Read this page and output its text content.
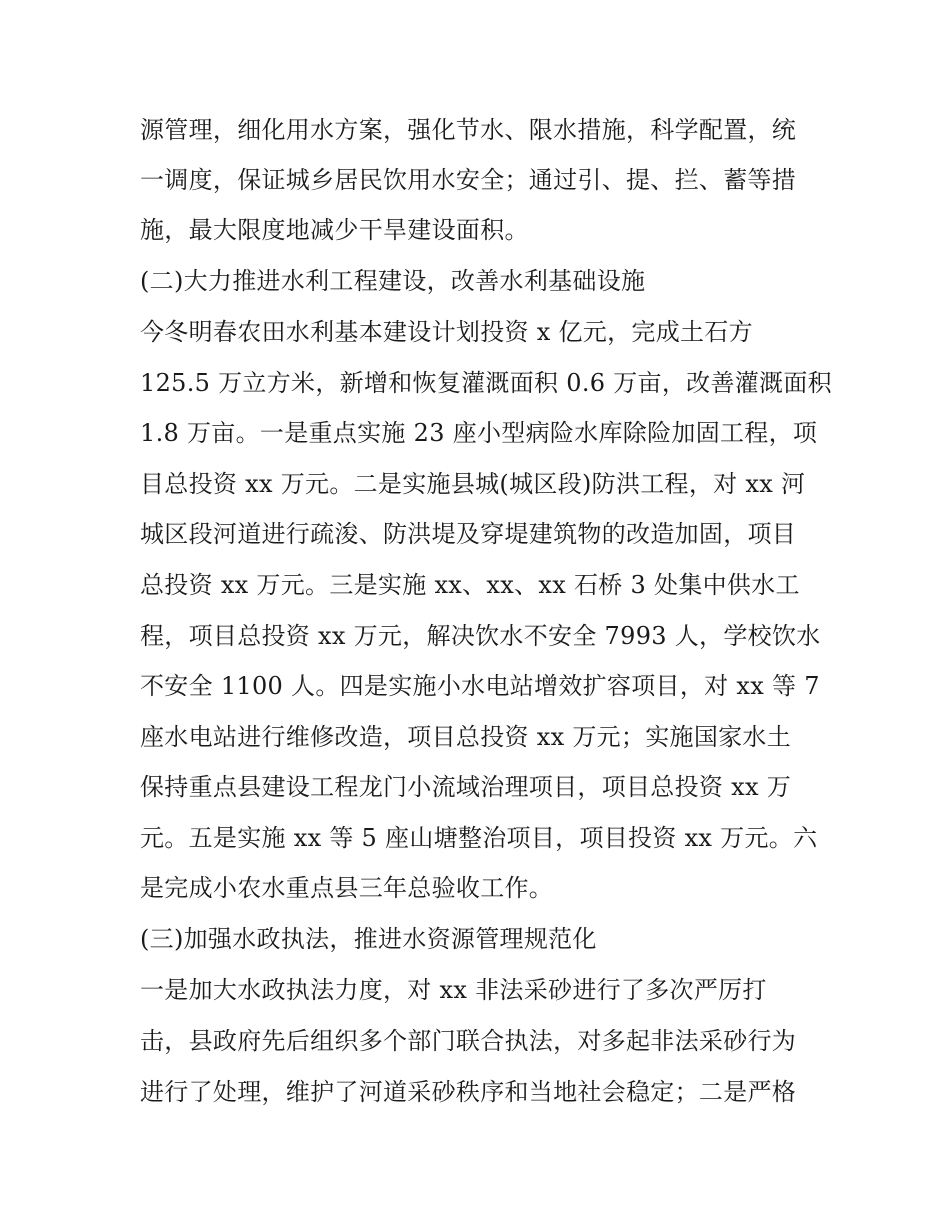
源管理，细化用水方案，强化节水、限水措施，科学配置，统
一调度，保证城乡居民饮用水安全；通过引、提、拦、蓄等措
施，最大限度地减少干旱建设面积。
(二)大力推进水利工程建设，改善水利基础设施
今冬明春农田水利基本建设计划投资 x 亿元，完成土石方
125.5 万立方米，新增和恢复灌溉面积 0.6 万亩，改善灌溉面积
1.8 万亩。一是重点实施 23 座小型病险水库除险加固工程，项
目总投资 xx 万元。二是实施县城(城区段)防洪工程，对 xx 河
城区段河道进行疏浚、防洪堤及穿堤建筑物的改造加固，项目
总投资 xx 万元。三是实施 xx、xx、xx 石桥 3 处集中供水工
程，项目总投资 xx 万元，解决饮水不安全 7993 人，学校饮水
不安全 1100 人。四是实施小水电站增效扩容项目，对 xx 等 7
座水电站进行维修改造，项目总投资 xx 万元；实施国家水土
保持重点县建设工程龙门小流域治理项目，项目总投资 xx 万
元。五是实施 xx 等 5 座山塘整治项目，项目投资 xx 万元。六
是完成小农水重点县三年总验收工作。
(三)加强水政执法，推进水资源管理规范化
一是加大水政执法力度，对 xx 非法采砂进行了多次严厉打
击，县政府先后组织多个部门联合执法，对多起非法采砂行为
进行了处理，维护了河道采砂秩序和当地社会稳定；二是严格
